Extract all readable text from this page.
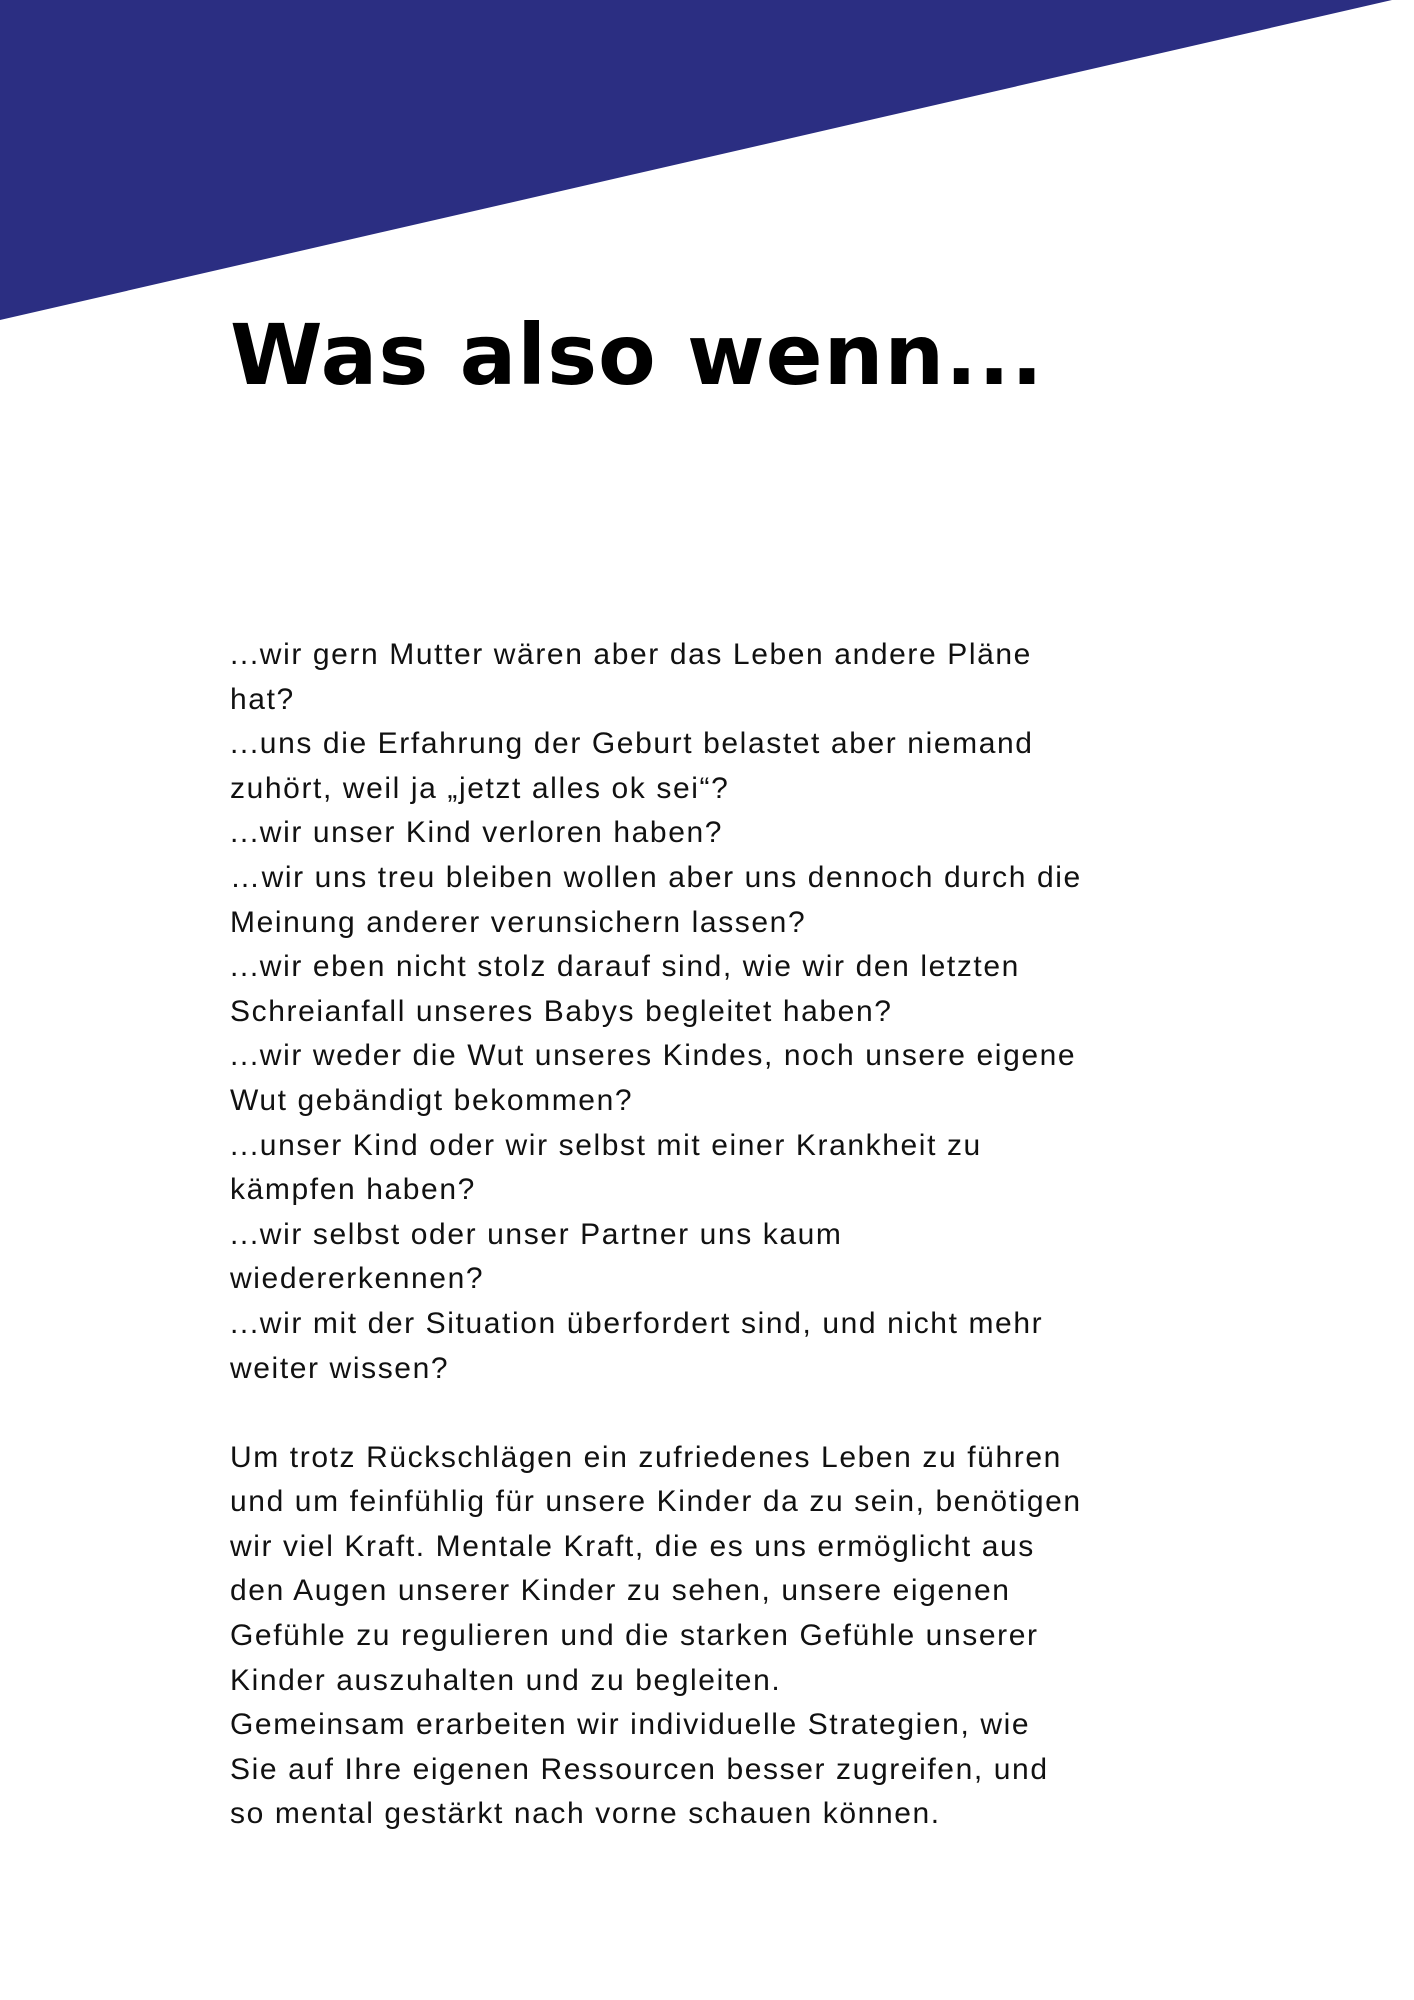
Was also wenn...
...wir gern Mutter wären aber das Leben andere Pläne
hat?
...uns die Erfahrung der Geburt belastet aber niemand
zuhört, weil ja „jetzt alles ok sei“?
...wir unser Kind verloren haben?
…wir uns treu bleiben wollen aber uns dennoch durch die
Meinung anderer verunsichern lassen?
...wir eben nicht stolz darauf sind, wie wir den letzten
Schreianfall unseres Babys begleitet haben?
...wir weder die Wut unseres Kindes, noch unsere eigene
Wut gebändigt bekommen?
...unser Kind oder wir selbst mit einer Krankheit zu
kämpfen haben?
...wir selbst oder unser Partner uns kaum
wiedererkennen?
...wir mit der Situation überfordert sind, und nicht mehr
weiter wissen?
Um trotz Rückschlägen ein zufriedenes Leben zu führen
und um feinfühlig für unsere Kinder da zu sein, benötigen
wir viel Kraft. Mentale Kraft, die es uns ermöglicht aus
den Augen unserer Kinder zu sehen, unsere eigenen
Gefühle zu regulieren und die starken Gefühle unserer
Kinder auszuhalten und zu begleiten.
Gemeinsam erarbeiten wir individuelle Strategien, wie
Sie auf Ihre eigenen Ressourcen besser zugreifen, und
so mental gestärkt nach vorne schauen können.
